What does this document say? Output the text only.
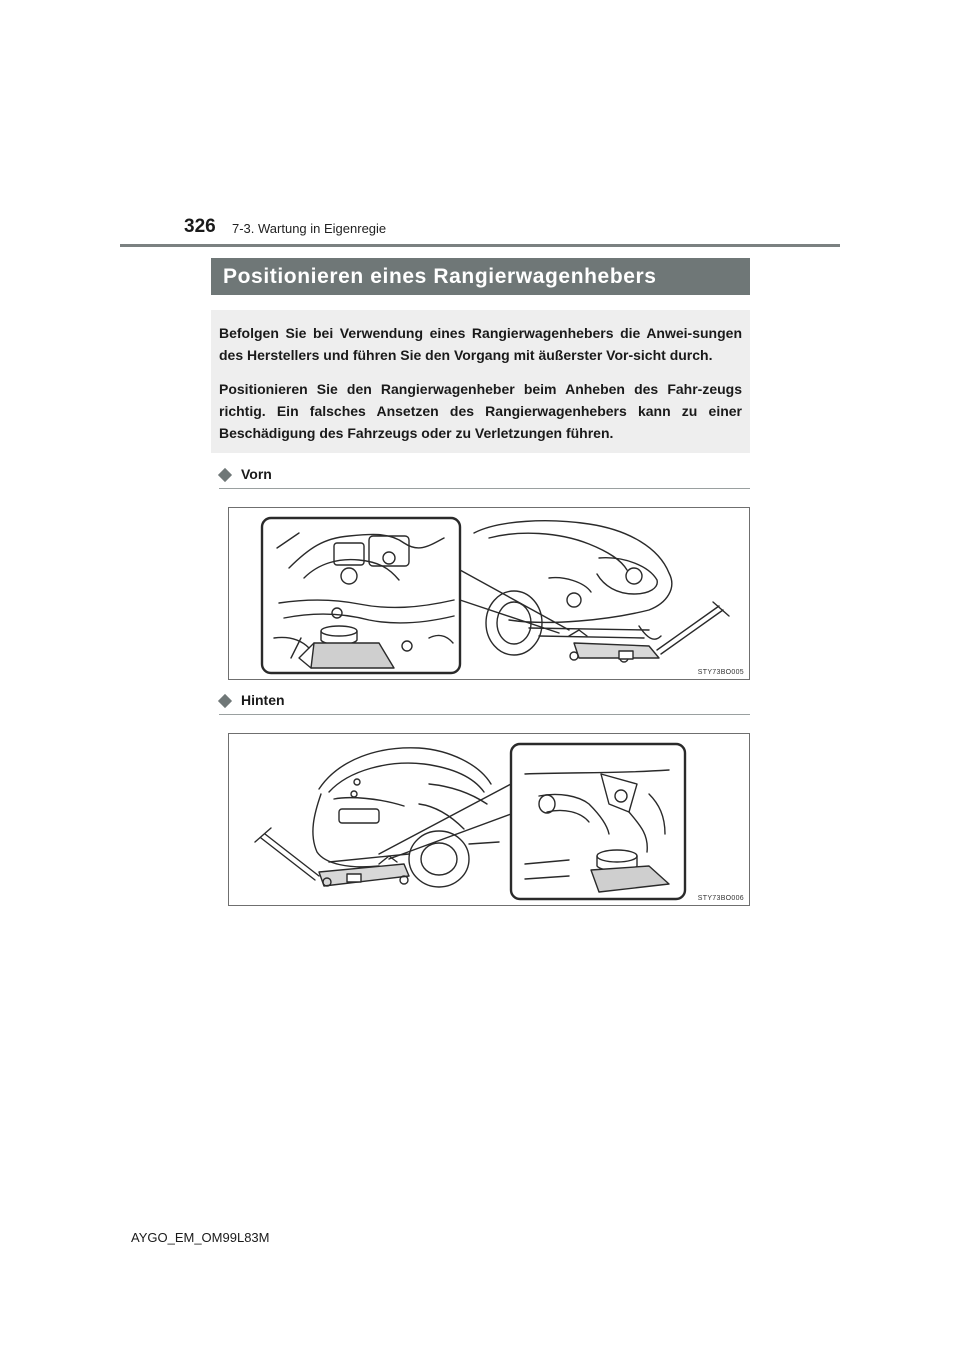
326 7-3. Wartung in Eigenregie
Positionieren eines Rangierwagenhebers

Befolgen Sie bei Verwendung eines Rangierwagenhebers die Anwei-sungen des Herstellers und führen Sie den Vorgang mit äußerster Vor-sicht durch.

Positionieren Sie den Rangierwagenheber beim Anheben des Fahr-zeugs richtig. Ein falsches Ansetzen des Rangierwagenhebers kann zu einer Beschädigung des Fahrzeugs oder zu Verletzungen führen.

Vorn
STY73BO005
Hinten
STY73BO006
AYGO_EM_OM99L83M
